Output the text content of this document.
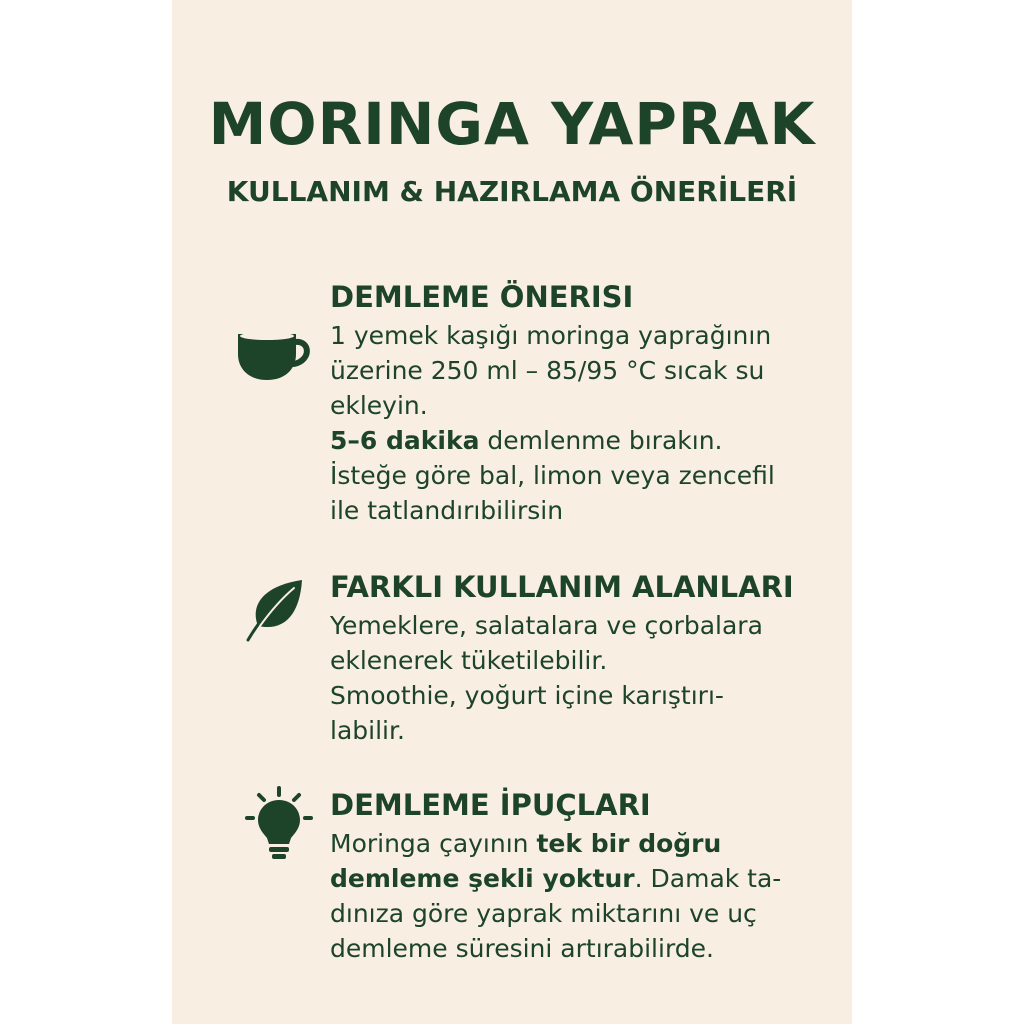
MORINGA YAPRAK
KULLANIM & HAZIRLAMA ÖNERİLERİ
DEMLEME ÖNERISI
1 yemek kaşığı moringa yaprağının
üzerine 250 ml – 85/95 °C sıcak su
ekleyin.
5–6 dakika demlenme bırakın.
İsteğe göre bal, limon veya zencefil
ile tatlandırıbilirsin
FARKLI KULLANIM ALANLARI
Yemeklere, salatalara ve çorbalara
eklenerek tüketilebilir.
Smoothie, yoğurt içine karıştırı-
labilir.
DEMLEME İPUÇLARI
Moringa çayının tek bir doğru
demleme şekli yoktur. Damak ta-
dınıza göre yaprak miktarını ve uç
demleme süresini artırabilirde.
